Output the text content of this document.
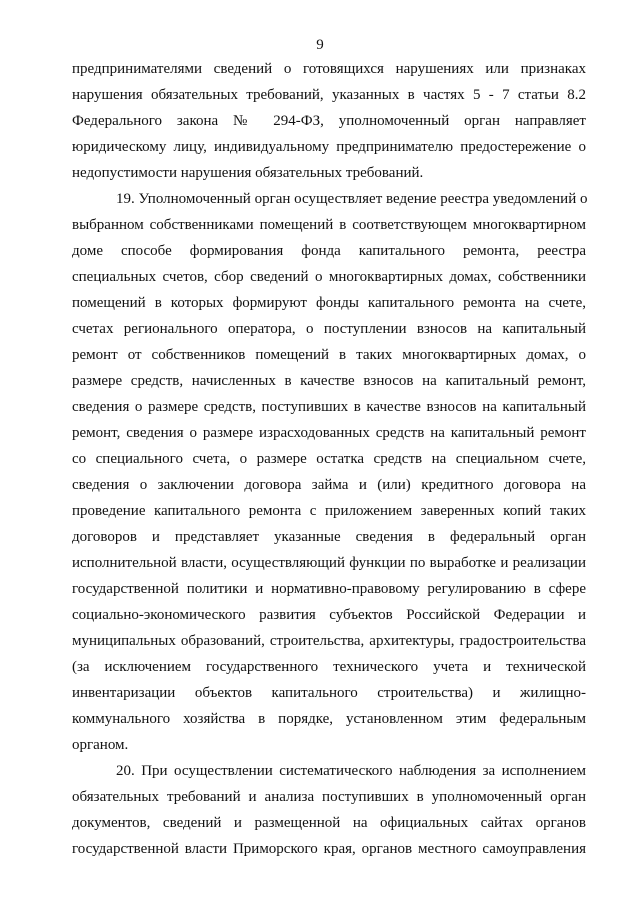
9
предпринимателями сведений о готовящихся нарушениях или признаках
нарушения обязательных требований, указанных в частях 5 - 7 статьи 8.2
Федерального закона № 294-ФЗ, уполномоченный орган направляет
юридическому лицу, индивидуальному предпринимателю предостережение о
недопустимости нарушения обязательных требований.
19. Уполномоченный орган осуществляет ведение реестра уведомлений о
выбранном собственниками помещений в соответствующем многоквартирном
доме способе формирования фонда капитального ремонта, реестра
специальных счетов, сбор сведений о многоквартирных домах, собственники
помещений в которых формируют фонды капитального ремонта на счете,
счетах регионального оператора, о поступлении взносов на капитальный
ремонт от собственников помещений в таких многоквартирных домах, о
размере средств, начисленных в качестве взносов на капитальный ремонт,
сведения о размере средств, поступивших в качестве взносов на капитальный
ремонт, сведения о размере израсходованных средств на капитальный ремонт
со специального счета, о размере остатка средств на специальном счете,
сведения о заключении договора займа и (или) кредитного договора на
проведение капитального ремонта с приложением заверенных копий таких
договоров и представляет указанные сведения в федеральный орган
исполнительной власти, осуществляющий функции по выработке и реализации
государственной политики и нормативно-правовому регулированию в сфере
социально-экономического развития субъектов Российской Федерации и
муниципальных образований, строительства, архитектуры, градостроительства
(за исключением государственного технического учета и технической
инвентаризации объектов капитального строительства) и жилищно-
коммунального хозяйства в порядке, установленном этим федеральным
органом.
20. При осуществлении систематического наблюдения за исполнением
обязательных требований и анализа поступивших в уполномоченный орган
документов, сведений и размещенной на официальных сайтах органов
государственной власти Приморского края, органов местного самоуправления
